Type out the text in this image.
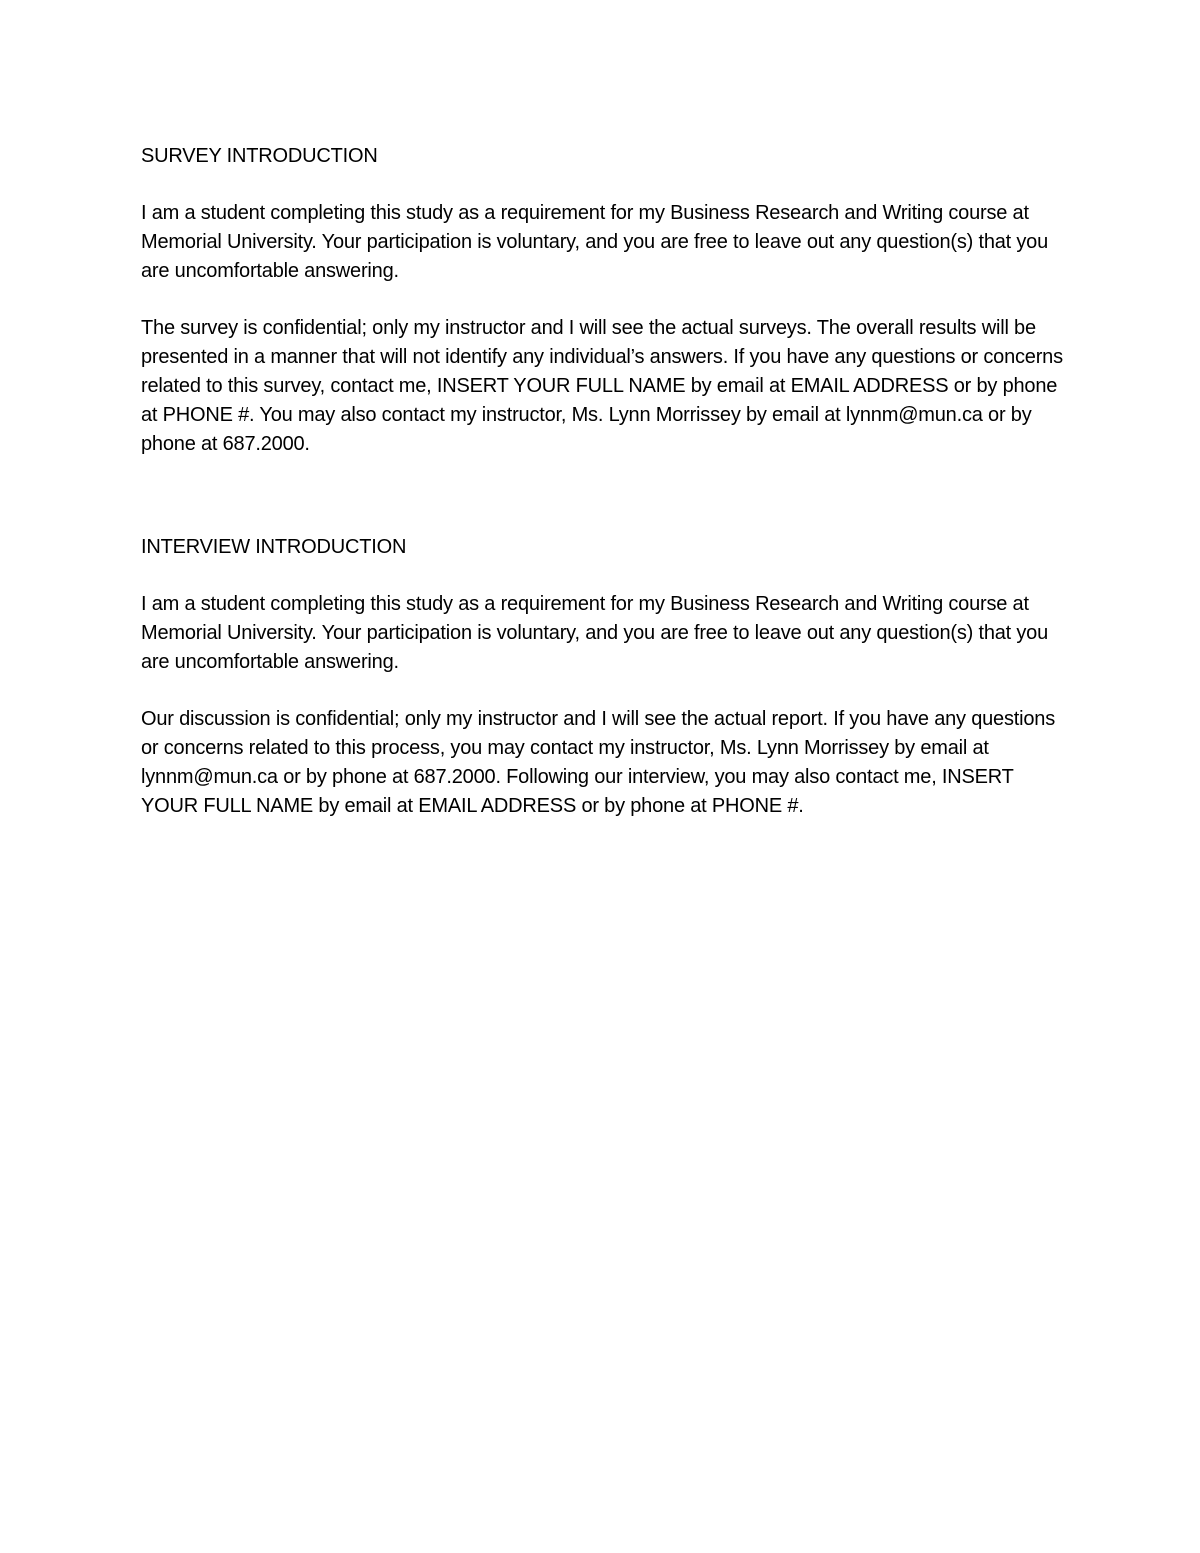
SURVEY INTRODUCTION

I am a student completing this study as a requirement for my Business Research and Writing course at Memorial University. Your participation is voluntary, and you are free to leave out any question(s) that you are uncomfortable answering.

The survey is confidential; only my instructor and I will see the actual surveys. The overall results will be presented in a manner that will not identify any individual’s answers. If you have any questions or concerns related to this survey, contact me, INSERT YOUR FULL NAME by email at EMAIL ADDRESS or by phone at PHONE #. You may also contact my instructor, Ms. Lynn Morrissey by email at lynnm@mun.ca or by phone at 687.2000.

INTERVIEW INTRODUCTION

I am a student completing this study as a requirement for my Business Research and Writing course at Memorial University. Your participation is voluntary, and you are free to leave out any question(s) that you are uncomfortable answering.

Our discussion is confidential; only my instructor and I will see the actual report. If you have any questions or concerns related to this process, you may contact my instructor, Ms. Lynn Morrissey by email at lynnm@mun.ca or by phone at 687.2000. Following our interview, you may also contact me, INSERT YOUR FULL NAME by email at EMAIL ADDRESS or by phone at PHONE #.
